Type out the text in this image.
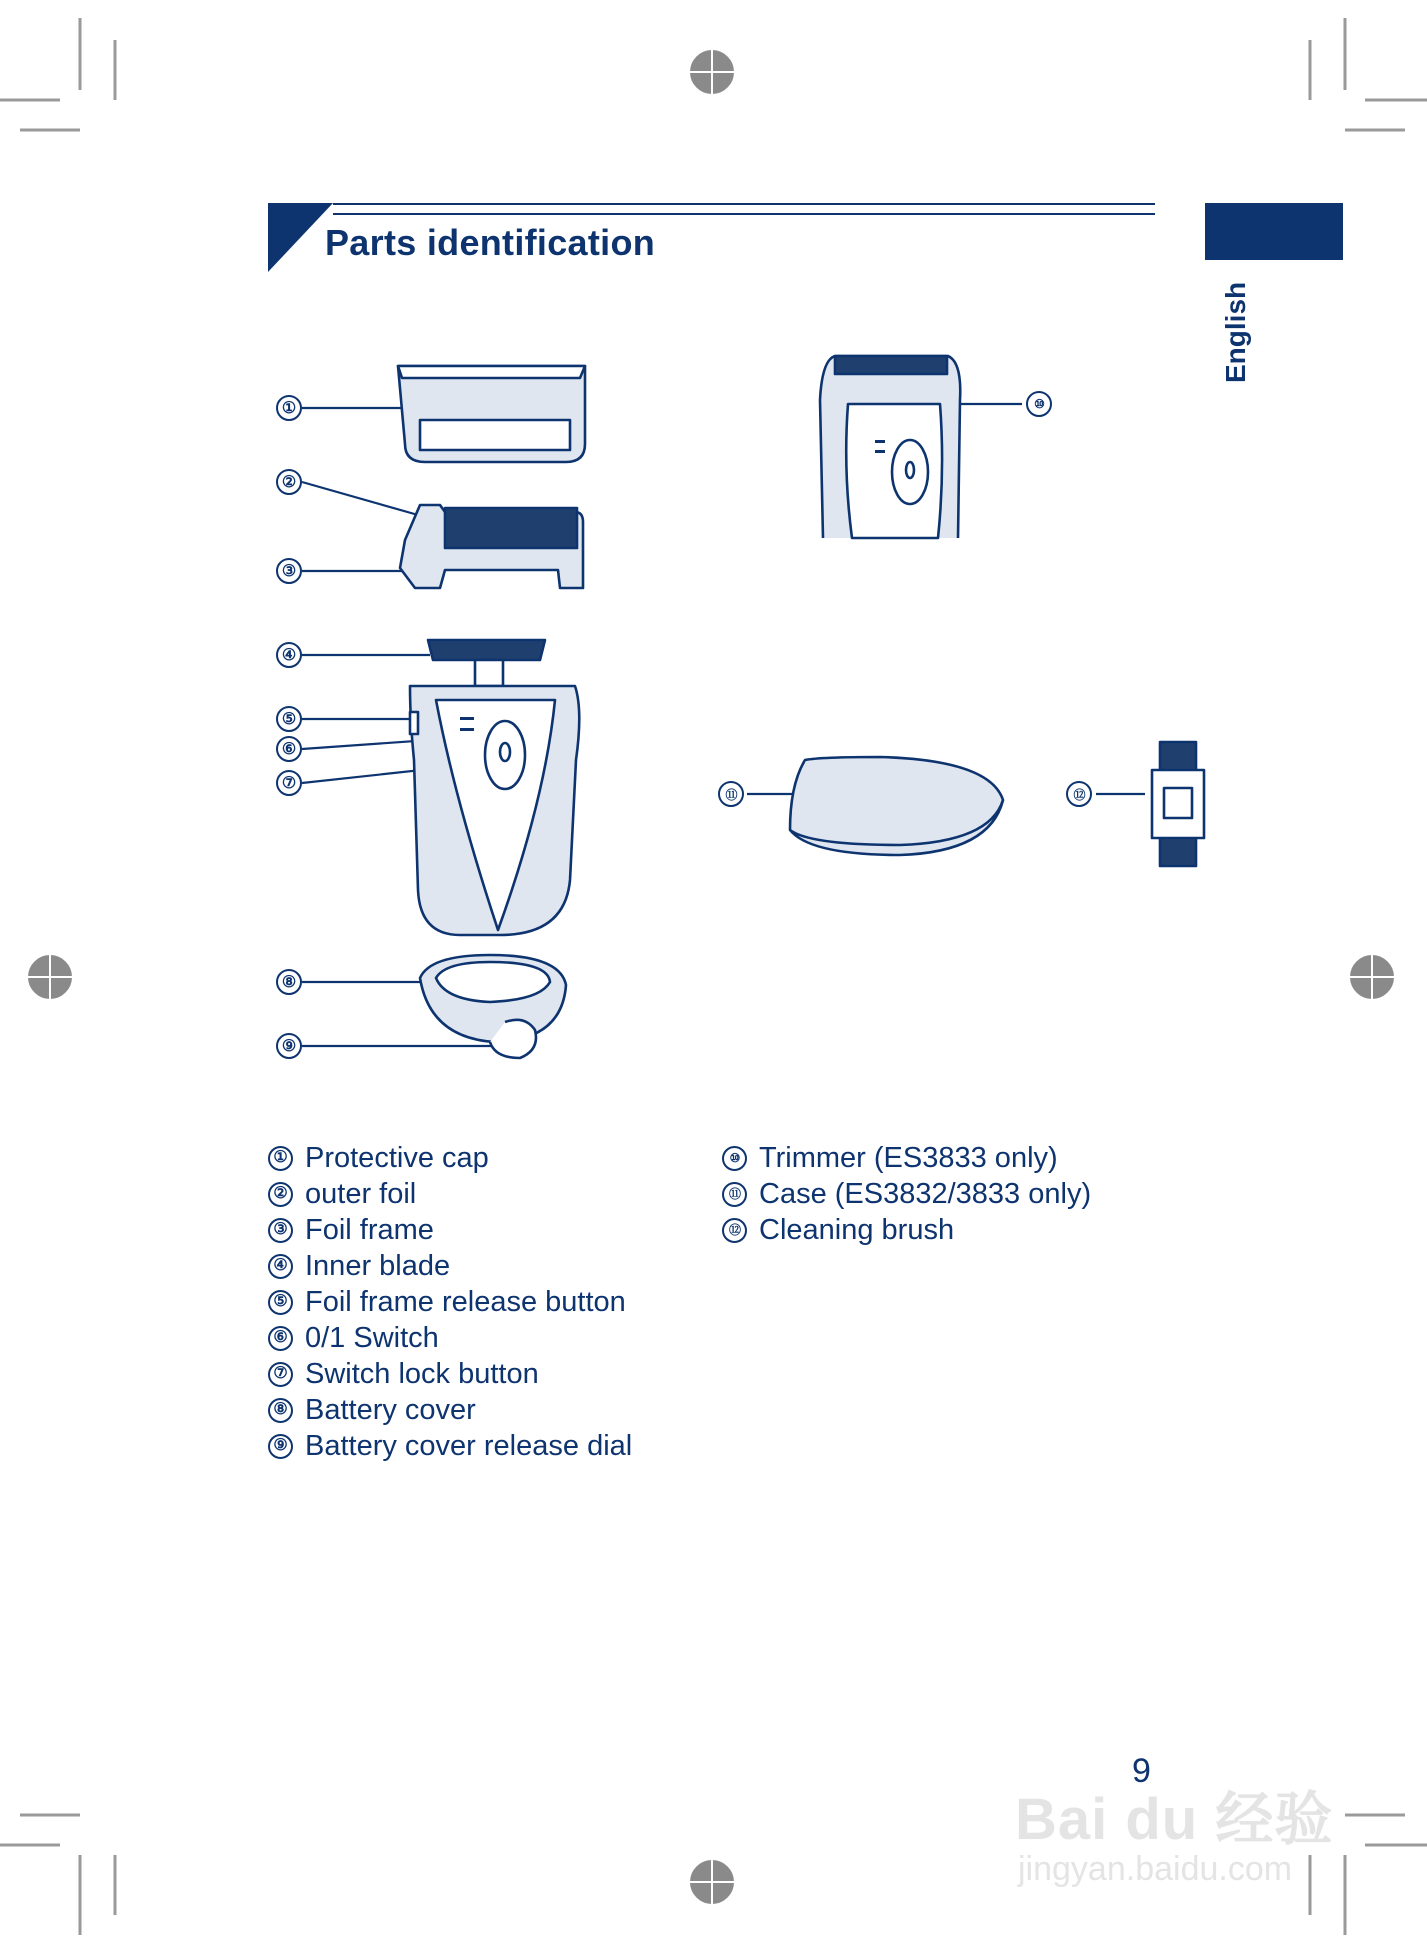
Parts identification
English
①
②
③
④
⑤
⑥
⑦
⑧
⑨
⑩
⑪	⑫
① Protective cap
② outer foil
③ Foil frame
④ Inner blade
⑤ Foil frame release button
⑥ 0/1 Switch
⑦ Switch lock button
⑧ Battery cover
⑨ Battery cover release dial
⑩ Trimmer (ES3833 only)
⑪ Case (ES3832/3833 only)
⑫ Cleaning brush
9
Bai du 经验
jingyan.baidu.com
